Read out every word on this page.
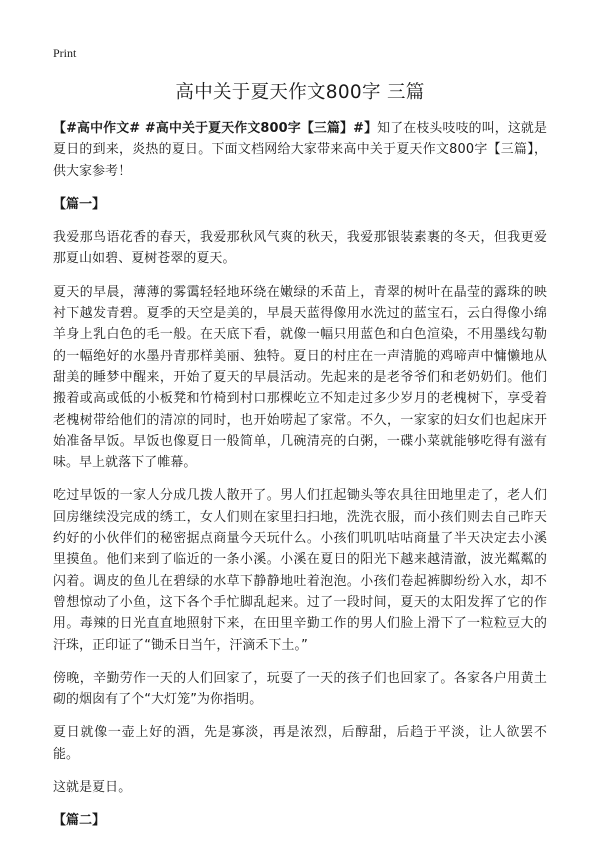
Print
高中关于夏天作文800字 三篇

【#高中作文# #高中关于夏天作文800字【三篇】#】知了在枝头吱吱的叫，这就是夏日的到来，炎热的夏日。下面文档网给大家带来高中关于夏天作文800字【三篇】，供大家参考！

【篇一】

我爱那鸟语花香的春天，我爱那秋风气爽的秋天，我爱那银装素裹的冬天，但我更爱那夏山如碧、夏树苍翠的夏天。

夏天的早晨，薄薄的雾霭轻轻地环绕在嫩绿的禾苗上，青翠的树叶在晶莹的露珠的映衬下越发青碧。夏季的天空是美的，早晨天蓝得像用水洗过的蓝宝石，云白得像小绵羊身上乳白色的毛一般。在天底下看，就像一幅只用蓝色和白色渲染，不用墨线勾勒的一幅绝好的水墨丹青那样美丽、独特。夏日的村庄在一声清脆的鸡啼声中慵懒地从甜美的睡梦中醒来，开始了夏天的早晨活动。先起来的是老爷爷们和老奶奶们。他们搬着或高或低的小板凳和竹椅到村口那棵屹立不知走过多少岁月的老槐树下，享受着老槐树带给他们的清凉的同时，也开始唠起了家常。不久，一家家的妇女们也起床开始准备早饭。早饭也像夏日一般简单，几碗清亮的白粥，一碟小菜就能够吃得有滋有味。早上就落下了帷幕。

吃过早饭的一家人分成几拨人散开了。男人们扛起锄头等农具往田地里走了，老人们回房继续没完成的绣工，女人们则在家里扫扫地，洗洗衣服，而小孩们则去自己昨天约好的小伙伴们的秘密据点商量今天玩什么。小孩们叽叽咕咕商量了半天决定去小溪里摸鱼。他们来到了临近的一条小溪。小溪在夏日的阳光下越来越清澈，波光粼粼的闪着。调皮的鱼儿在碧绿的水草下静静地吐着泡泡。小孩们卷起裤脚纷纷入水，却不曾想惊动了小鱼，这下各个手忙脚乱起来。过了一段时间，夏天的太阳发挥了它的作用。毒辣的日光直直地照射下来，在田里辛勤工作的男人们脸上滑下了一粒粒豆大的汗珠，正印证了“锄禾日当午，汗滴禾下土。”

傍晚，辛勤劳作一天的人们回家了，玩耍了一天的孩子们也回家了。各家各户用黄土砌的烟囱有了个“大灯笼”为你指明。

夏日就像一壶上好的酒，先是寡淡，再是浓烈，后醇甜，后趋于平淡，让人欲罢不能。

这就是夏日。

【篇二】
